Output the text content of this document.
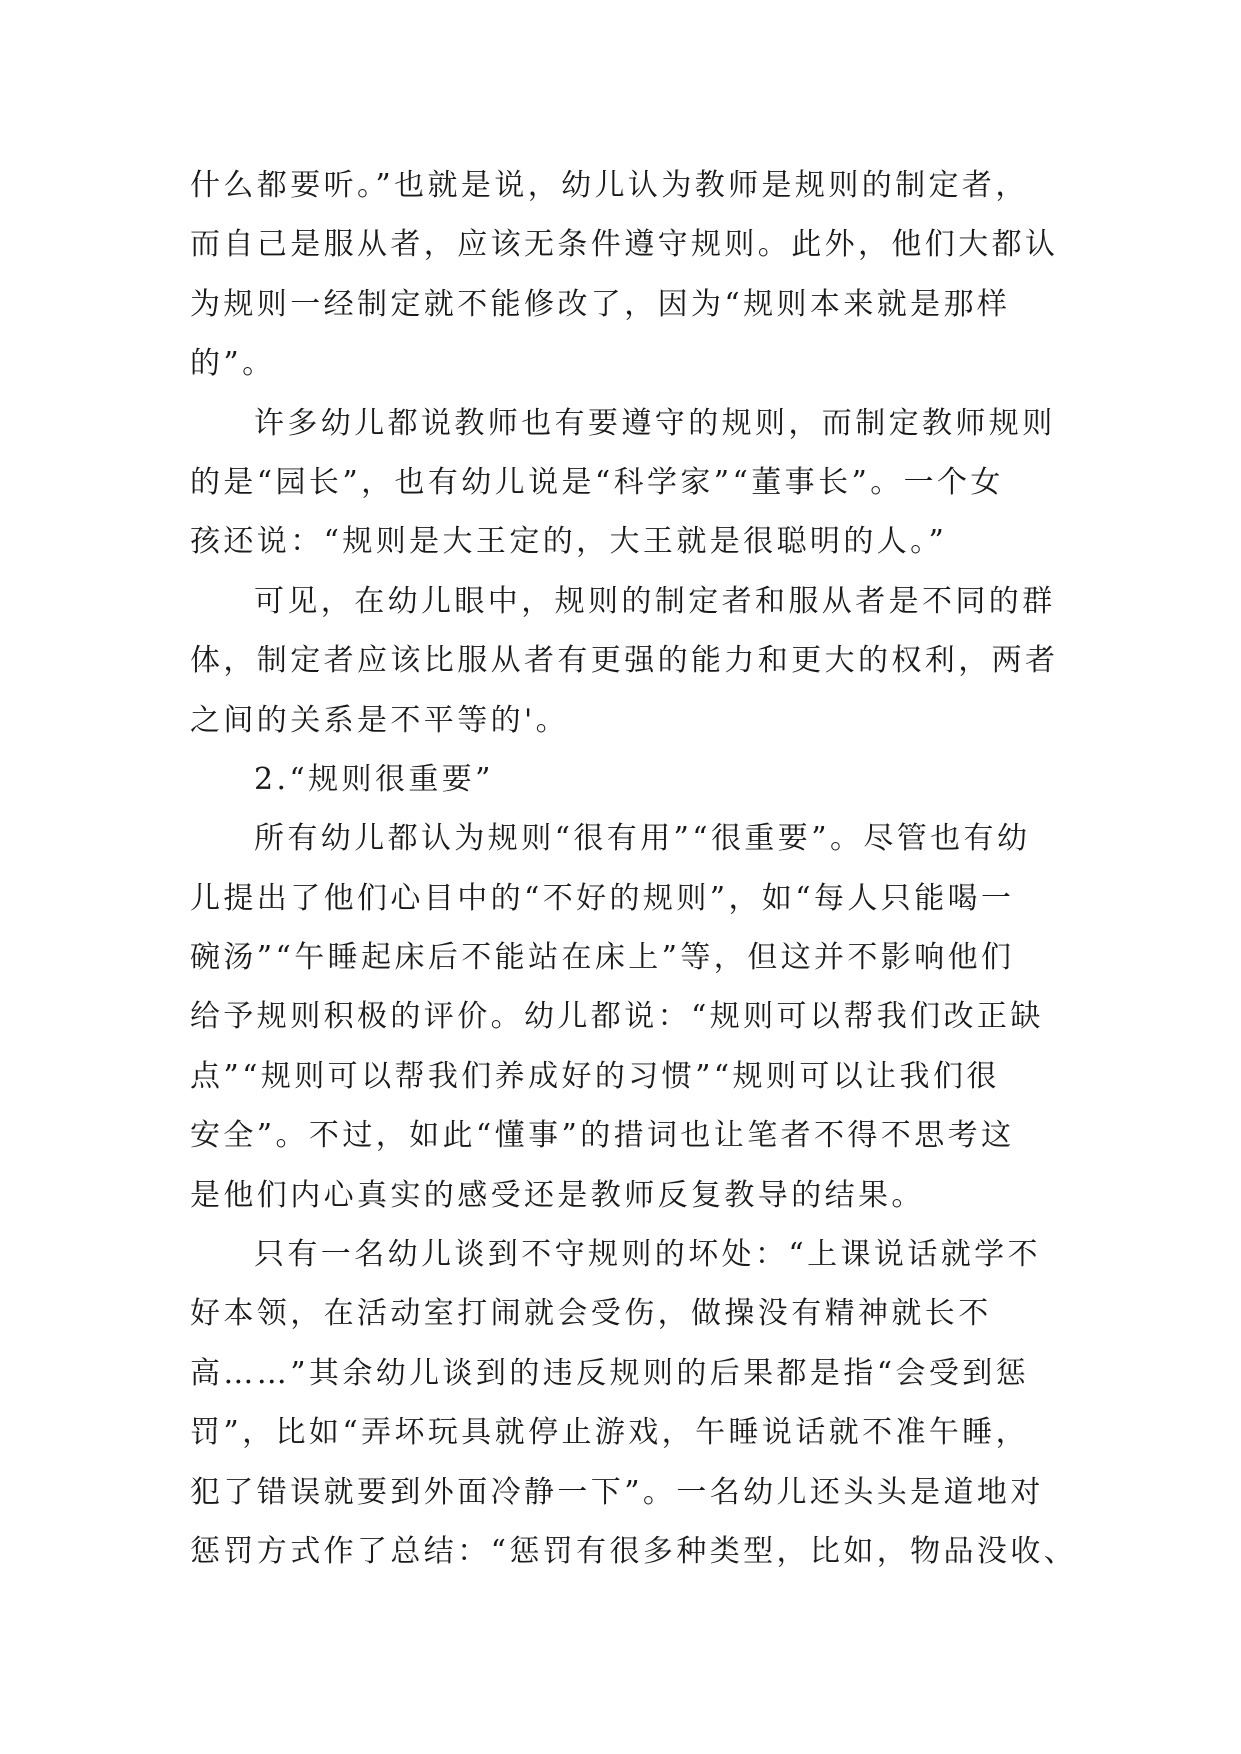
什么都要听。”也就是说，幼儿认为教师是规则的制定者，
而自己是服从者，应该无条件遵守规则。此外，他们大都认
为规则一经制定就不能修改了，因为“规则本来就是那样
的”。
许多幼儿都说教师也有要遵守的规则，而制定教师规则
的是“园长”，也有幼儿说是“科学家”“董事长”。一个女
孩还说：“规则是大王定的，大王就是很聪明的人。”
可见，在幼儿眼中，规则的制定者和服从者是不同的群
体，制定者应该比服从者有更强的能力和更大的权利，两者
之间的关系是不平等的'。
2.“规则很重要”
所有幼儿都认为规则“很有用”“很重要”。尽管也有幼
儿提出了他们心目中的“不好的规则”，如“每人只能喝一
碗汤”“午睡起床后不能站在床上”等，但这并不影响他们
给予规则积极的评价。幼儿都说：“规则可以帮我们改正缺
点”“规则可以帮我们养成好的习惯”“规则可以让我们很
安全”。不过，如此“懂事”的措词也让笔者不得不思考这
是他们内心真实的感受还是教师反复教导的结果。
只有一名幼儿谈到不守规则的坏处：“上课说话就学不
好本领，在活动室打闹就会受伤，做操没有精神就长不
高……”其余幼儿谈到的违反规则的后果都是指“会受到惩
罚”，比如“弄坏玩具就停止游戏，午睡说话就不准午睡，
犯了错误就要到外面冷静一下”。一名幼儿还头头是道地对
惩罚方式作了总结：“惩罚有很多种类型，比如，物品没收、
